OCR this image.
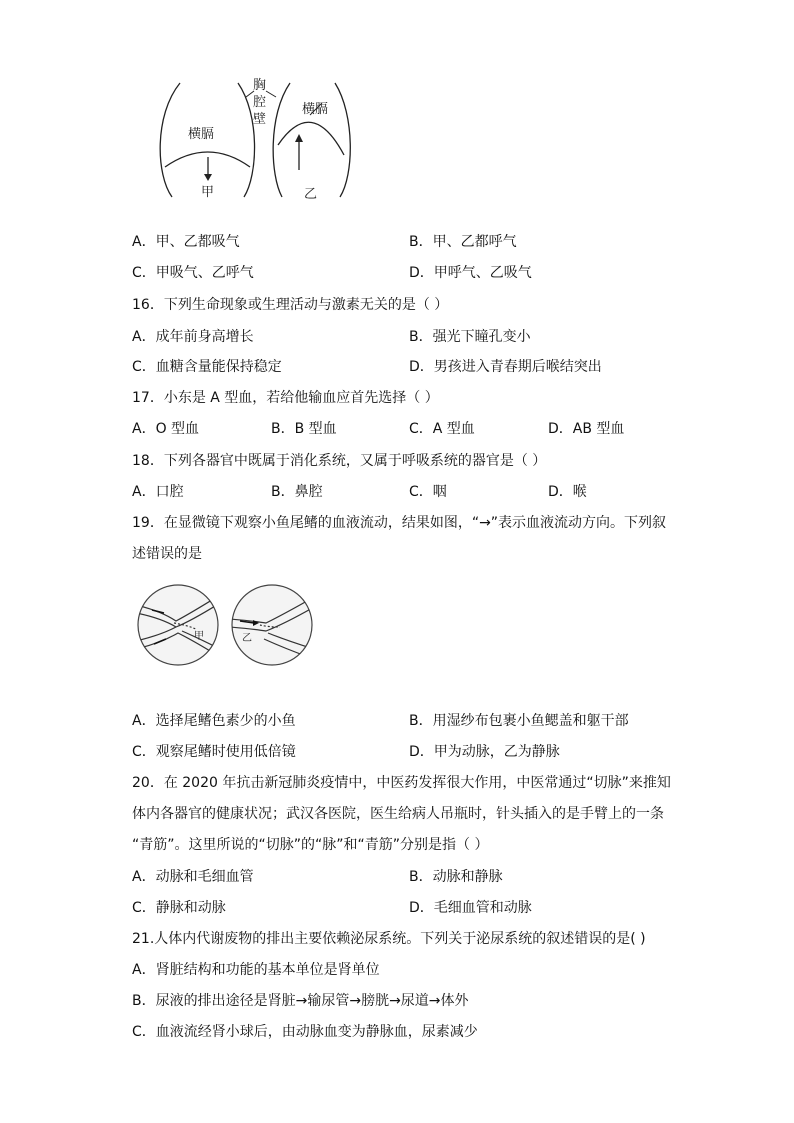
横膈
胸
腔
壁
横膈
甲	乙
A．甲、乙都吸气	B．甲、乙都呼气
C．甲吸气、乙呼气	D．甲呼气、乙吸气
16．下列生命现象或生理活动与激素无关的是（ ）
A．成年前身高增长	B．强光下瞳孔变小
C．血糖含量能保持稳定	D．男孩进入青春期后喉结突出
17．小东是 A 型血，若给他输血应首先选择（ ）
A．O 型血	B．B 型血	C．A 型血	D．AB 型血
18．下列各器官中既属于消化系统，又属于呼吸系统的器官是（ ）
A．口腔	B．鼻腔	C．咽	D．喉
19．在显微镜下观察小鱼尾鳍的血液流动，结果如图，“→”表示血液流动方向。下列叙
述错误的是
甲	乙
A．选择尾鳍色素少的小鱼	B．用湿纱布包裹小鱼鳃盖和躯干部
C．观察尾鳍时使用低倍镜	D．甲为动脉，乙为静脉
20．在 2020 年抗击新冠肺炎疫情中，中医药发挥很大作用，中医常通过“切脉”来推知
体内各器官的健康状况；武汉各医院，医生给病人吊瓶时，针头插入的是手臂上的一条
“青筋”。这里所说的“切脉”的“脉”和“青筋”分别是指（ ）
A．动脉和毛细血管	B．动脉和静脉
C．静脉和动脉	D．毛细血管和动脉
21.人体内代谢废物的排出主要依赖泌尿系统。下列关于泌尿系统的叙述错误的是( )
A．肾脏结构和功能的基本单位是肾单位
B．尿液的排出途径是肾脏→输尿管→膀胱→尿道→体外
C．血液流经肾小球后，由动脉血变为静脉血，尿素减少
